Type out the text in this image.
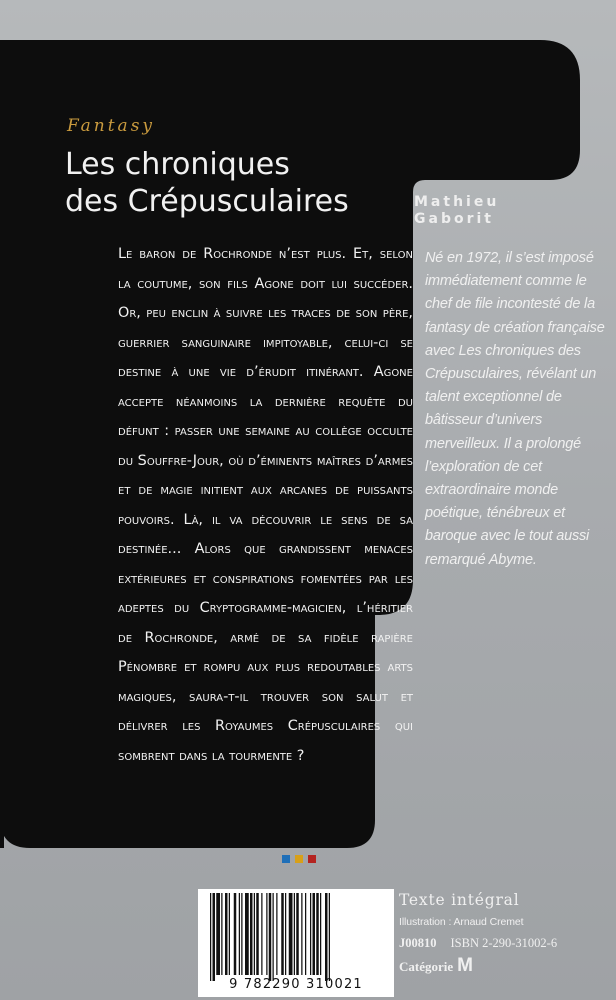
Fantasy
Les chroniques
des Crépusculaires	Mathieu
Gaborit

Le baron de Rochronde n’est plus. Et, selon la coutume, son fils Agone doit lui succéder. Or, peu enclin à suivre les traces de son père, guerrier sanguinaire impitoyable, celui-ci se destine à une vie d’érudit itinérant. Agone accepte néanmoins la dernière requête du défunt : passer une semaine au collège occulte du Souffre-Jour, où d’éminents maîtres d’armes et de magie initient aux arcanes de puissants pouvoirs. Là, il va découvrir le sens de sa destinée... Alors que grandissent menaces extérieures et conspirations fomentées par les adeptes du Cryptogramme-magicien, l’héritier de Rochronde, armé de sa fidèle rapière Pénombre et rompu aux plus redoutables arts magiques, saura-t-il trouver son salut et délivrer les Royaumes Crépusculaires qui sombrent dans la tourmente ?

Né en 1972, il s’est imposé immédiatement comme le chef de file incontesté de la fantasy de création française avec Les chroniques des Crépusculaires, révélant un talent exceptionnel de bâtisseur d’univers merveilleux. Il a prolongé l’exploration de cet extraordinaire monde poétique, ténébreux et baroque avec le tout aussi remarqué Abyme.

9 782290 310021
Texte intégral
Illustration : Arnaud Cremet
J00810 ISBN 2-290-31002-6
Catégorie M
